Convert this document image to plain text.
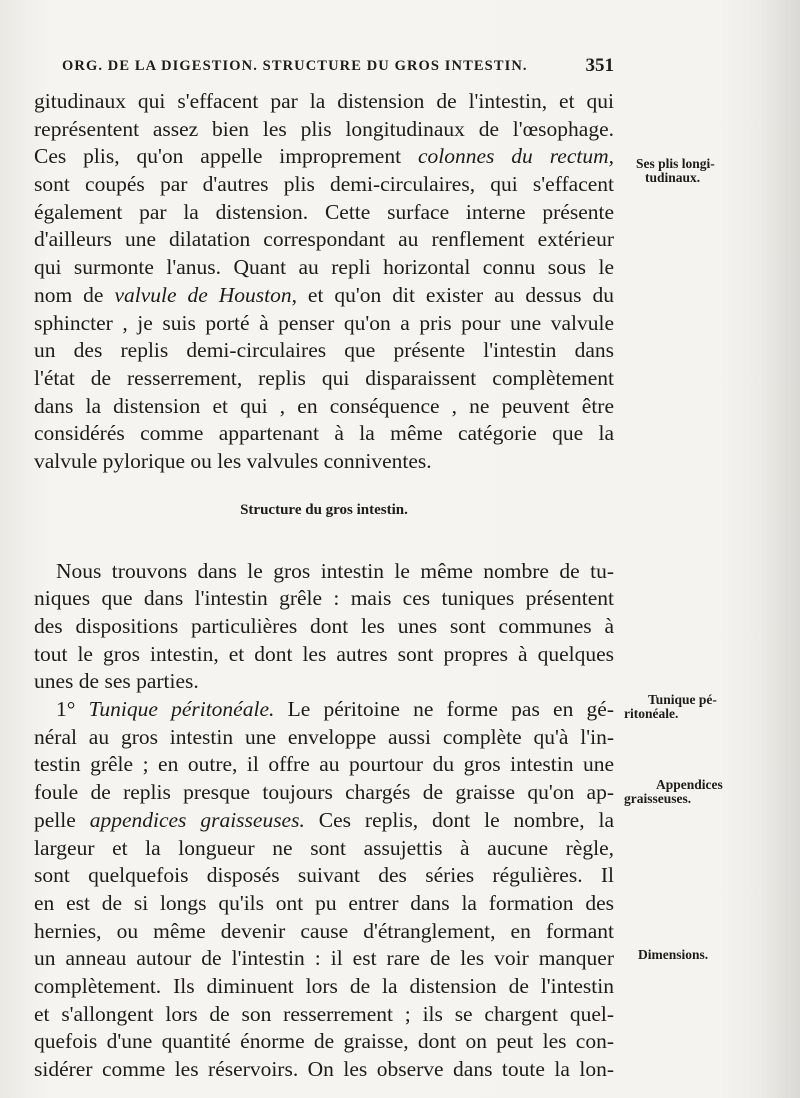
ORG. DE LA DIGESTION. STRUCTURE DU GROS INTESTIN.	351
gitudinaux qui s'effacent par la distension de l'intestin, et qui
représentent assez bien les plis longitudinaux de l'œsophage.
Ces plis, qu'on appelle improprement colonnes du rectum,
sont coupés par d'autres plis demi-circulaires, qui s'effacent
également par la distension. Cette surface interne présente
d'ailleurs une dilatation correspondant au renflement extérieur
qui surmonte l'anus. Quant au repli horizontal connu sous le
nom de valvule de Houston, et qu'on dit exister au dessus du
sphincter , je suis porté à penser qu'on a pris pour une valvule
un des replis demi-circulaires que présente l'intestin dans
l'état de resserrement, replis qui disparaissent complètement
dans la distension et qui , en conséquence , ne peuvent être
considérés comme appartenant à la même catégorie que la
valvule pylorique ou les valvules conniventes.
Nous trouvons dans le gros intestin le même nombre de tu-
niques que dans l'intestin grêle : mais ces tuniques présentent
des dispositions particulières dont les unes sont communes à
tout le gros intestin, et dont les autres sont propres à quelques
unes de ses parties.
1° Tunique péritonéale. Le péritoine ne forme pas en gé-
néral au gros intestin une enveloppe aussi complète qu'à l'in-
testin grêle ; en outre, il offre au pourtour du gros intestin une
foule de replis presque toujours chargés de graisse qu'on ap-
pelle appendices graisseuses. Ces replis, dont le nombre, la
largeur et la longueur ne sont assujettis à aucune règle,
sont quelquefois disposés suivant des séries régulières. Il
en est de si longs qu'ils ont pu entrer dans la formation des
hernies, ou même devenir cause d'étranglement, en formant
un anneau autour de l'intestin : il est rare de les voir manquer
complètement. Ils diminuent lors de la distension de l'intestin
et s'allongent lors de son resserrement ; ils se chargent quel-
quefois d'une quantité énorme de graisse, dont on peut les con-
sidérer comme les réservoirs. On les observe dans toute la lon-
Structure du gros intestin.
Ses plis longi-
tudinaux.
Tunique pé-
ritonéale.
Appendices
graisseuses.
Dimensions.
